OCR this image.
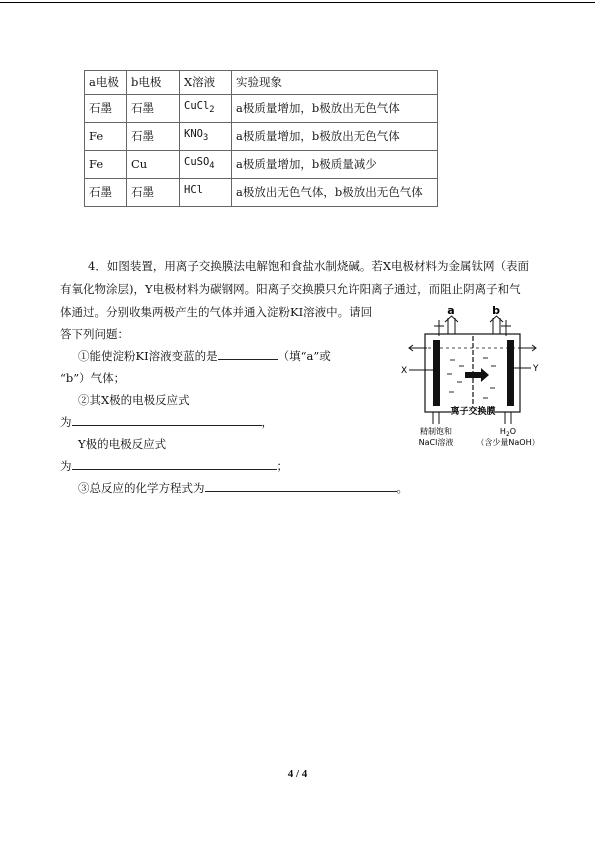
a电极	b电极	X溶液	实验现象
石墨	石墨	CuCl$_2$	a极质量增加，b极放出无色气体
Fe	石墨	$KNO_3$	a极质量增加，b极放出无色气体
Fe	Cu	CuSO$_4$	a极质量增加，b极质量减少
石墨	石墨	HCl	a极放出无色气体，b极放出无色气体
4．如图装置，用离子交换膜法电解饱和食盐水制烧碱。若X电极材料为金属钛网（表面
有氧化物涂层)，Y电极材料为碳钢网。阳离子交换膜只允许阳离子通过，而阻止阴离子和气
体通过。分别收集两极产生的气体并通入淀粉KI溶液中。请回
答下列问题：
①能使淀粉KI溶液变蓝的是	（填“a”或
“b”）气体；
②其X极的电极反应式
为	，
Y极的电极反应式
为	；
③总反应的化学方程式为	。
a	b
X	Y
离子交换膜
精制饱和
NaCl溶液
$H_2O$
（含少量NaOH）
4 / 4
